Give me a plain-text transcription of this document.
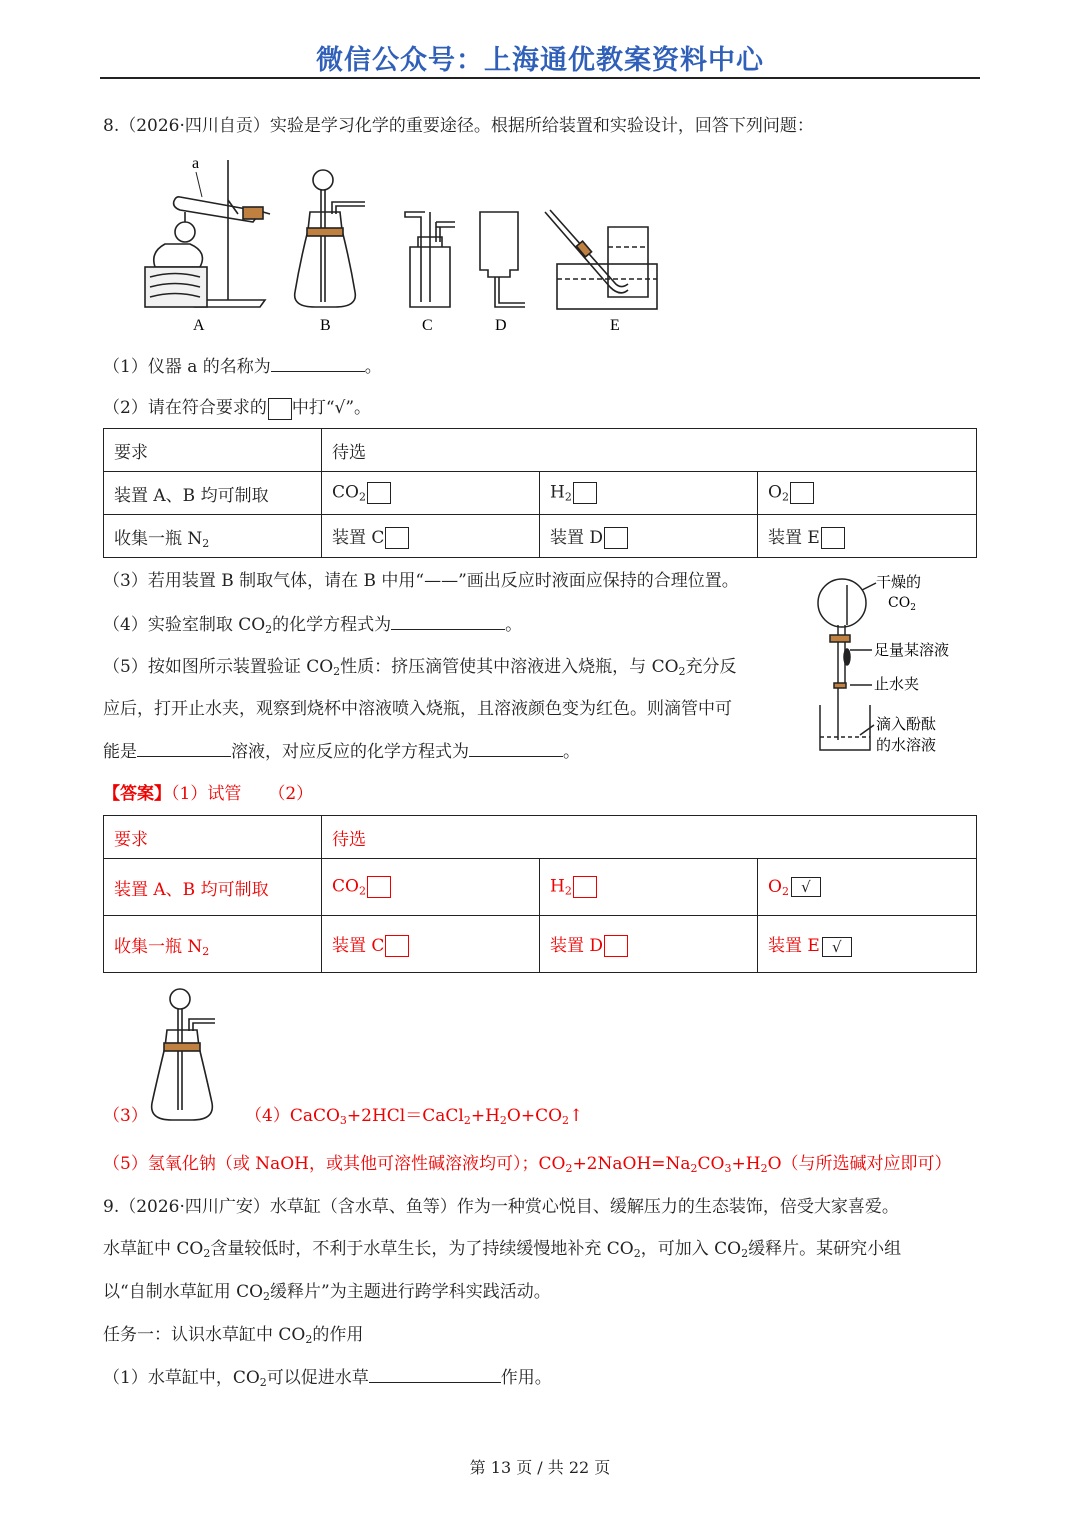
微信公众号：上海通优教案资料中心
8.（2026·四川自贡）实验是学习化学的重要途径。根据所给装置和实验设计，回答下列问题：
a
A	B	C	D	E
（1）仪器 a 的名称为	。
（2）请在符合要求的 中打“√”。
要求	待选		
装置 A、B 均可制取	$CO_2$	$H_2$	$O_2$
收集一瓶 $N_2$	装置 C	装置 D	装置 E
（3）若用装置 B 制取气体，请在 B 中用“——”画出反应时液面应保持的合理位置。
（4）实验室制取 $CO_2$的化学方程式为	。
（5）按如图所示装置验证 $CO_2$性质：挤压滴管使其中溶液进入烧瓶，与 $CO_2$充分反
应后，打开止水夹，观察到烧杯中溶液喷入烧瓶，且溶液颜色变为红色。则滴管中可
能是	溶液，对应反应的化学方程式为	。
干燥的
$CO_2$
足量某溶液
止水夹
滴入酚酞
的水溶液
【答案】（1）试管 （2）
要求	待选		
装置 A、B 均可制取	$CO_2$	$H_2$	$O_2$ √
收集一瓶 $N_2$	装置 C	装置 D	装置 E √
（3）	$(4)CaCO_3+2HCl=CaCl_2+H_2O+CO_2↑$
（5）氢氧化钠（或 NaOH，或其他可溶性碱溶液均可）；$CO_2+2NaOH=Na_2CO_3+H_2O$（与所选碱对应即可）
9.（2026·四川广安）水草缸（含水草、鱼等）作为一种赏心悦目、缓解压力的生态装饰，倍受大家喜爱。
水草缸中 $CO_2$含量较低时，不利于水草生长，为了持续缓慢地补充 $CO_2$，可加入 $CO_2$缓释片。某研究小组
以“自制水草缸用 $CO_2$缓释片”为主题进行跨学科实践活动。
任务一：认识水草缸中 $CO_2$的作用
（1）水草缸中，$CO_2$可以促进水草	作用。
第 13 页 / 共 22 页
